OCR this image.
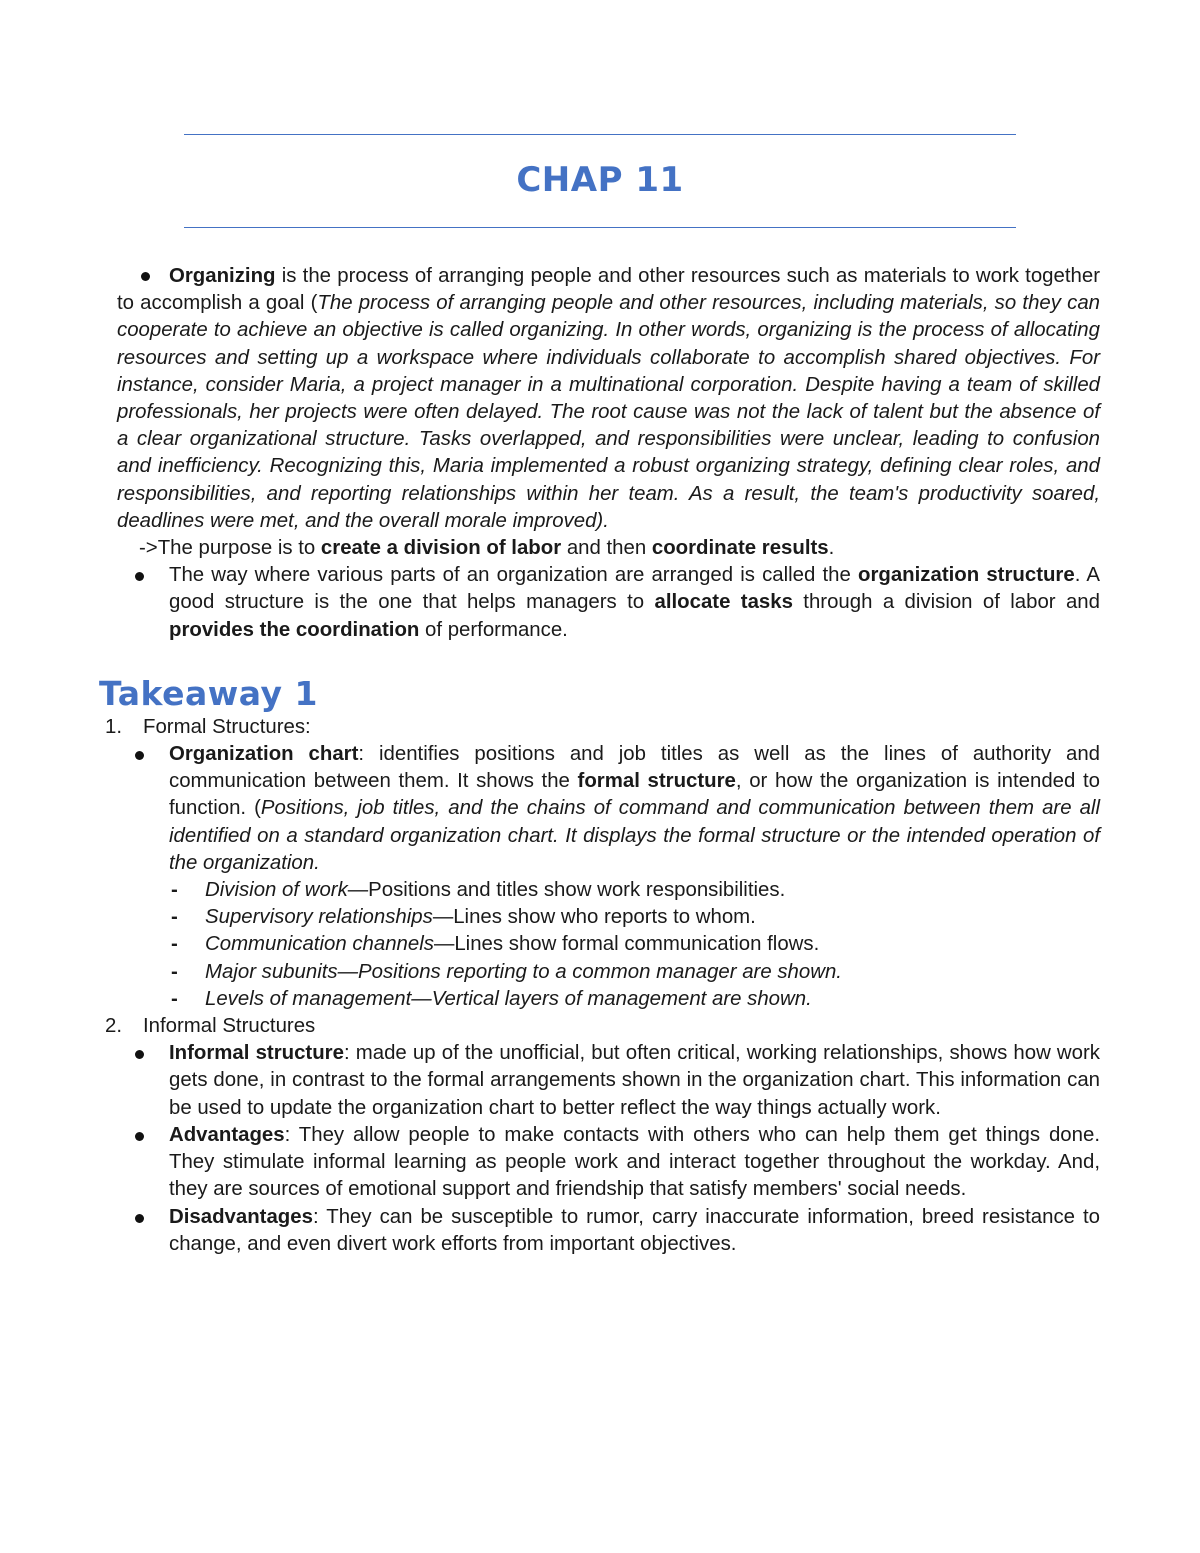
CHAP 11

Organizing is the process of arranging people and other resources such as materials to work together to accomplish a goal (The process of arranging people and other resources, including materials, so they can cooperate to achieve an objective is called organizing. In other words, organizing is the process of allocating resources and setting up a workspace where individuals collaborate to accomplish shared objectives. For instance, consider Maria, a project manager in a multinational corporation. Despite having a team of skilled professionals, her projects were often delayed. The root cause was not the lack of talent but the absence of a clear organizational structure. Tasks overlapped, and responsibilities were unclear, leading to confusion and inefficiency. Recognizing this, Maria implemented a robust organizing strategy, defining clear roles, and responsibilities, and reporting relationships within her team. As a result, the team's productivity soared, deadlines were met, and the overall morale improved).

->The purpose is to create a division of labor and then coordinate results.

The way where various parts of an organization are arranged is called the organization structure. A good structure is the one that helps managers to allocate tasks through a division of labor and provides the coordination of performance.

Takeaway 1
1. Formal Structures:

Organization chart: identifies positions and job titles as well as the lines of authority and communication between them. It shows the formal structure, or how the organization is intended to function. (Positions, job titles, and the chains of command and communication between them are all identified on a standard organization chart. It displays the formal structure or the intended operation of the organization.

- Division of work—Positions and titles show work responsibilities.
- Supervisory relationships—Lines show who reports to whom.
- Communication channels—Lines show formal communication flows.
- Major subunits—Positions reporting to a common manager are shown.
- Levels of management—Vertical layers of management are shown.
2. Informal Structures

Informal structure: made up of the unofficial, but often critical, working relationships, shows how work gets done, in contrast to the formal arrangements shown in the organization chart. This information can be used to update the organization chart to better reflect the way things actually work.

Advantages: They allow people to make contacts with others who can help them get things done. They stimulate informal learning as people work and interact together throughout the workday. And, they are sources of emotional support and friendship that satisfy members' social needs.

Disadvantages: They can be susceptible to rumor, carry inaccurate information, breed resistance to change, and even divert work efforts from important objectives.
